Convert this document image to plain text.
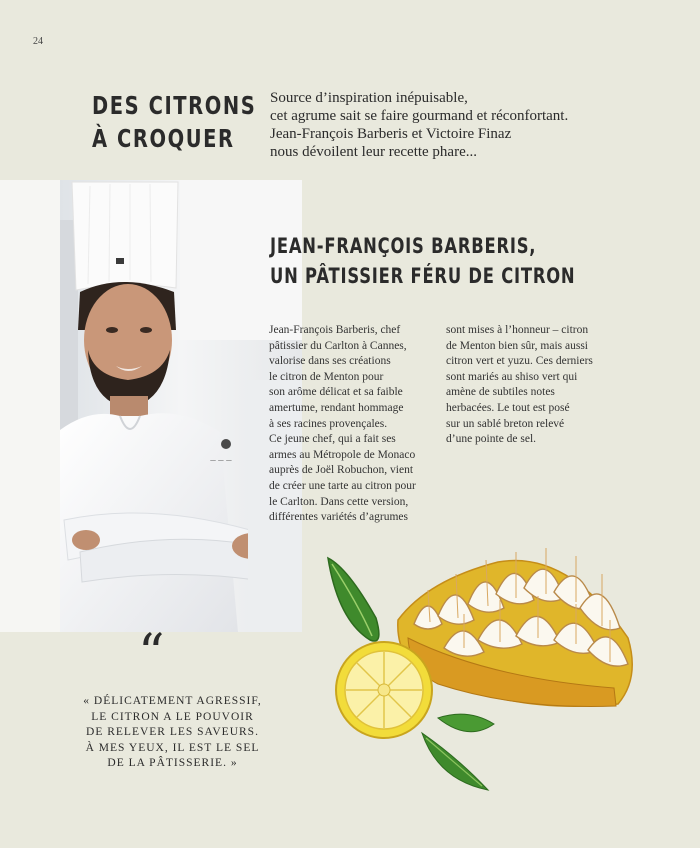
24
DES CITRONS
À CROQUER

Source d’inspiration inépuisable,
cet agrume sait se faire gourmand et réconfortant.
Jean-François Barberis et Victoire Finaz
nous dévoilent leur recette phare...

— — —
JEAN-FRANÇOIS BARBERIS,
UN PÂTISSIER FÉRU DE CITRON
Jean-François Barberis, chef
pâtissier du Carlton à Cannes,
valorise dans ses créations
le citron de Menton pour
son arôme délicat et sa faible
amertume, rendant hommage
à ses racines provençales.
Ce jeune chef, qui a fait ses
armes au Métropole de Monaco
auprès de Joël Robuchon, vient
de créer une tarte au citron pour
le Carlton. Dans cette version,
différentes variétés d’agrumes
sont mises à l’honneur – citron
de Menton bien sûr, mais aussi
citron vert et yuzu. Ces derniers
sont mariés au shiso vert qui
amène de subtiles notes
herbacées. Le tout est posé
sur un sablé breton relevé
d’une pointe de sel.
“
« DÉLICATEMENT AGRESSIF,
LE CITRON A LE POUVOIR
DE RELEVER LES SAVEURS.
À MES YEUX, IL EST LE SEL
DE LA PÂTISSERIE. »
